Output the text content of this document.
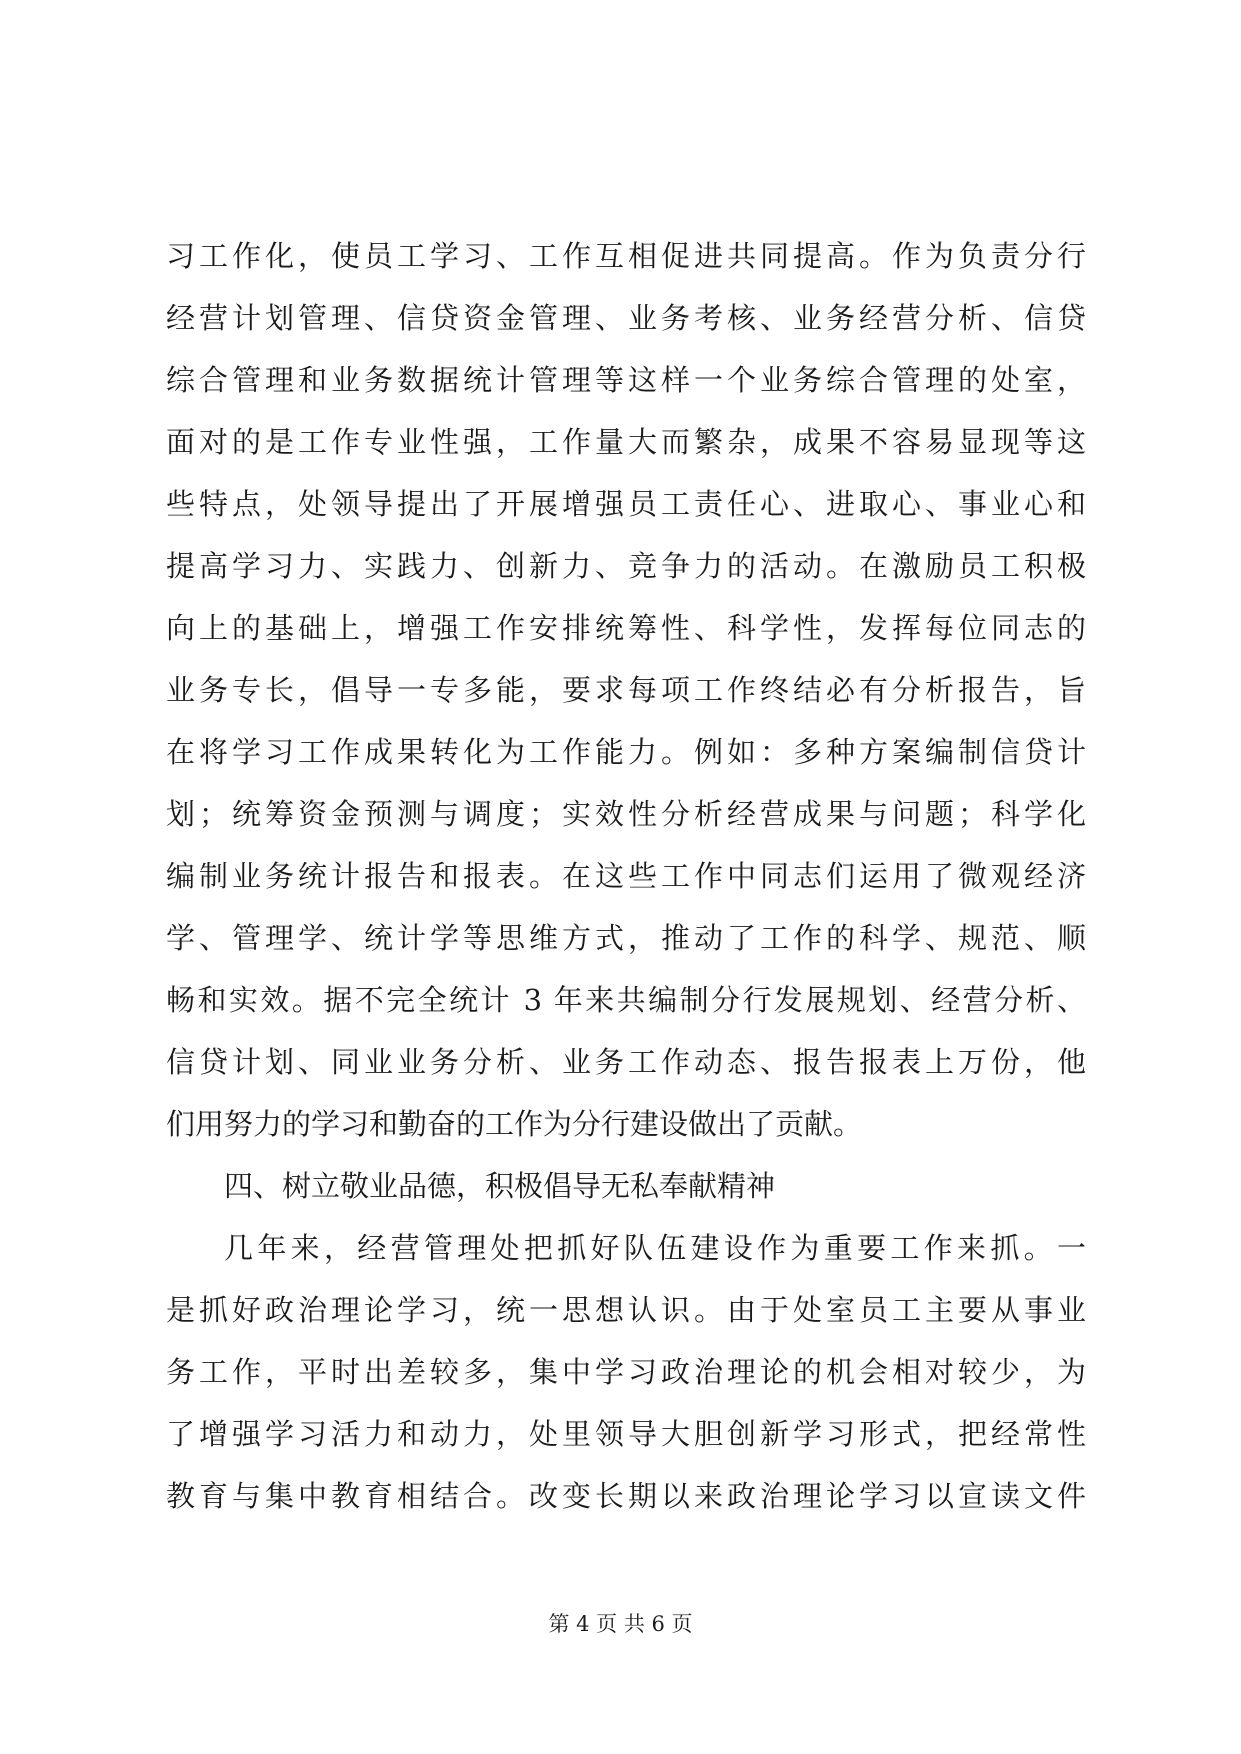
习工作化，使员工学习、工作互相促进共同提高。作为负责分行
经营计划管理、信贷资金管理、业务考核、业务经营分析、信贷
综合管理和业务数据统计管理等这样一个业务综合管理的处室，
面对的是工作专业性强，工作量大而繁杂，成果不容易显现等这
些特点，处领导提出了开展增强员工责任心、进取心、事业心和
提高学习力、实践力、创新力、竞争力的活动。在激励员工积极
向上的基础上，增强工作安排统筹性、科学性，发挥每位同志的
业务专长，倡导一专多能，要求每项工作终结必有分析报告，旨
在将学习工作成果转化为工作能力。例如：多种方案编制信贷计
划；统筹资金预测与调度；实效性分析经营成果与问题；科学化
编制业务统计报告和报表。在这些工作中同志们运用了微观经济
学、管理学、统计学等思维方式，推动了工作的科学、规范、顺
畅和实效。据不完全统计 3 年来共编制分行发展规划、经营分析、
信贷计划、同业业务分析、业务工作动态、报告报表上万份，他
们用努力的学习和勤奋的工作为分行建设做出了贡献。
四、树立敬业品德，积极倡导无私奉献精神
几年来，经营管理处把抓好队伍建设作为重要工作来抓。一
是抓好政治理论学习，统一思想认识。由于处室员工主要从事业
务工作，平时出差较多，集中学习政治理论的机会相对较少，为
了增强学习活力和动力，处里领导大胆创新学习形式，把经常性
教育与集中教育相结合。改变长期以来政治理论学习以宣读文件
第 4 页 共 6 页
